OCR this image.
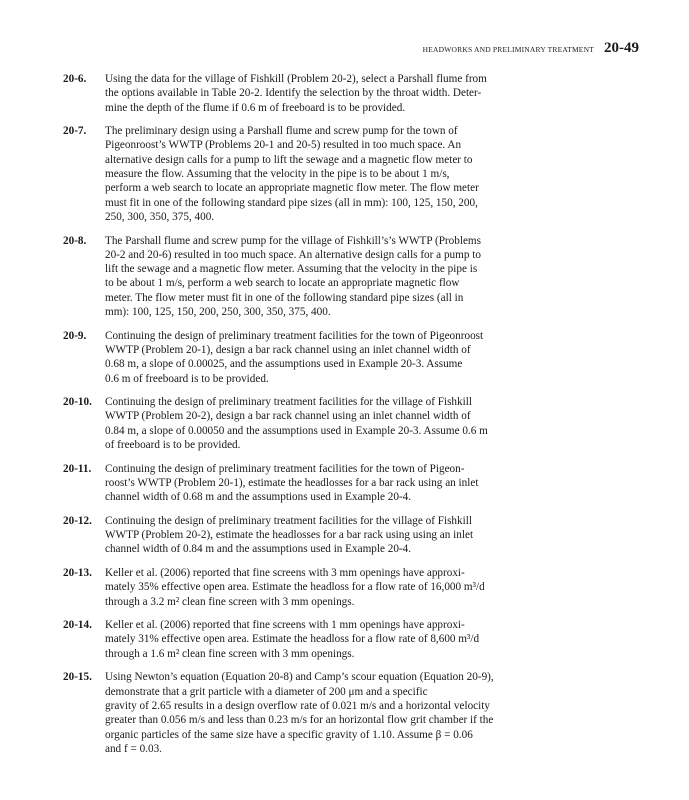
HEADWORKS AND PRELIMINARY TREATMENT 20-49
20-6.	Using the data for the village of Fishkill (Problem 20-2), select a Parshall flume from
the options available in Table 20-2. Identify the selection by the throat width. Deter-
mine the depth of the flume if 0.6 m of freeboard is to be provided.
20-7.	The preliminary design using a Parshall flume and screw pump for the town of
Pigeonroost’s WWTP (Problems 20-1 and 20-5) resulted in too much space. An
alternative design calls for a pump to lift the sewage and a magnetic flow meter to
measure the flow. Assuming that the velocity in the pipe is to be about 1 m/s,
perform a web search to locate an appropriate magnetic flow meter. The flow meter
must fit in one of the following standard pipe sizes (all in mm): 100, 125, 150, 200,
250, 300, 350, 375, 400.
20-8.	The Parshall flume and screw pump for the village of Fishkill’s’s WWTP (Problems
20-2 and 20-6) resulted in too much space. An alternative design calls for a pump to
lift the sewage and a magnetic flow meter. Assuming that the velocity in the pipe is
to be about 1 m/s, perform a web search to locate an appropriate magnetic flow
meter. The flow meter must fit in one of the following standard pipe sizes (all in
mm): 100, 125, 150, 200, 250, 300, 350, 375, 400.
20-9.	Continuing the design of preliminary treatment facilities for the town of Pigeonroost
WWTP (Problem 20-1), design a bar rack channel using an inlet channel width of
0.68 m, a slope of 0.00025, and the assumptions used in Example 20-3. Assume
0.6 m of freeboard is to be provided.
20-10.	Continuing the design of preliminary treatment facilities for the village of Fishkill
WWTP (Problem 20-2), design a bar rack channel using an inlet channel width of
0.84 m, a slope of 0.00050 and the assumptions used in Example 20-3. Assume 0.6 m
of freeboard is to be provided.
20-11.	Continuing the design of preliminary treatment facilities for the town of Pigeon-
roost’s WWTP (Problem 20-1), estimate the headlosses for a bar rack using an inlet
channel width of 0.68 m and the assumptions used in Example 20-4.
20-12.	Continuing the design of preliminary treatment facilities for the village of Fishkill
WWTP (Problem 20-2), estimate the headlosses for a bar rack using using an inlet
channel width of 0.84 m and the assumptions used in Example 20-4.
20-13.	Keller et al. (2006) reported that fine screens with 3 mm openings have approxi-
mately 35% effective open area. Estimate the headloss for a flow rate of 16,000 m³/d
through a 3.2 m² clean fine screen with 3 mm openings.
20-14.	Keller et al. (2006) reported that fine screens with 1 mm openings have approxi-
mately 31% effective open area. Estimate the headloss for a flow rate of 8,600 m³/d
through a 1.6 m² clean fine screen with 3 mm openings.
20-15.	Using Newton’s equation (Equation 20-8) and Camp’s scour equation (Equation 20-9),
demonstrate that a grit particle with a diameter of 200 μm and a specific
gravity of 2.65 results in a design overflow rate of 0.021 m/s and a horizontal velocity
greater than 0.056 m/s and less than 0.23 m/s for an horizontal flow grit chamber if the
organic particles of the same size have a specific gravity of 1.10. Assume β = 0.06
and f = 0.03.
